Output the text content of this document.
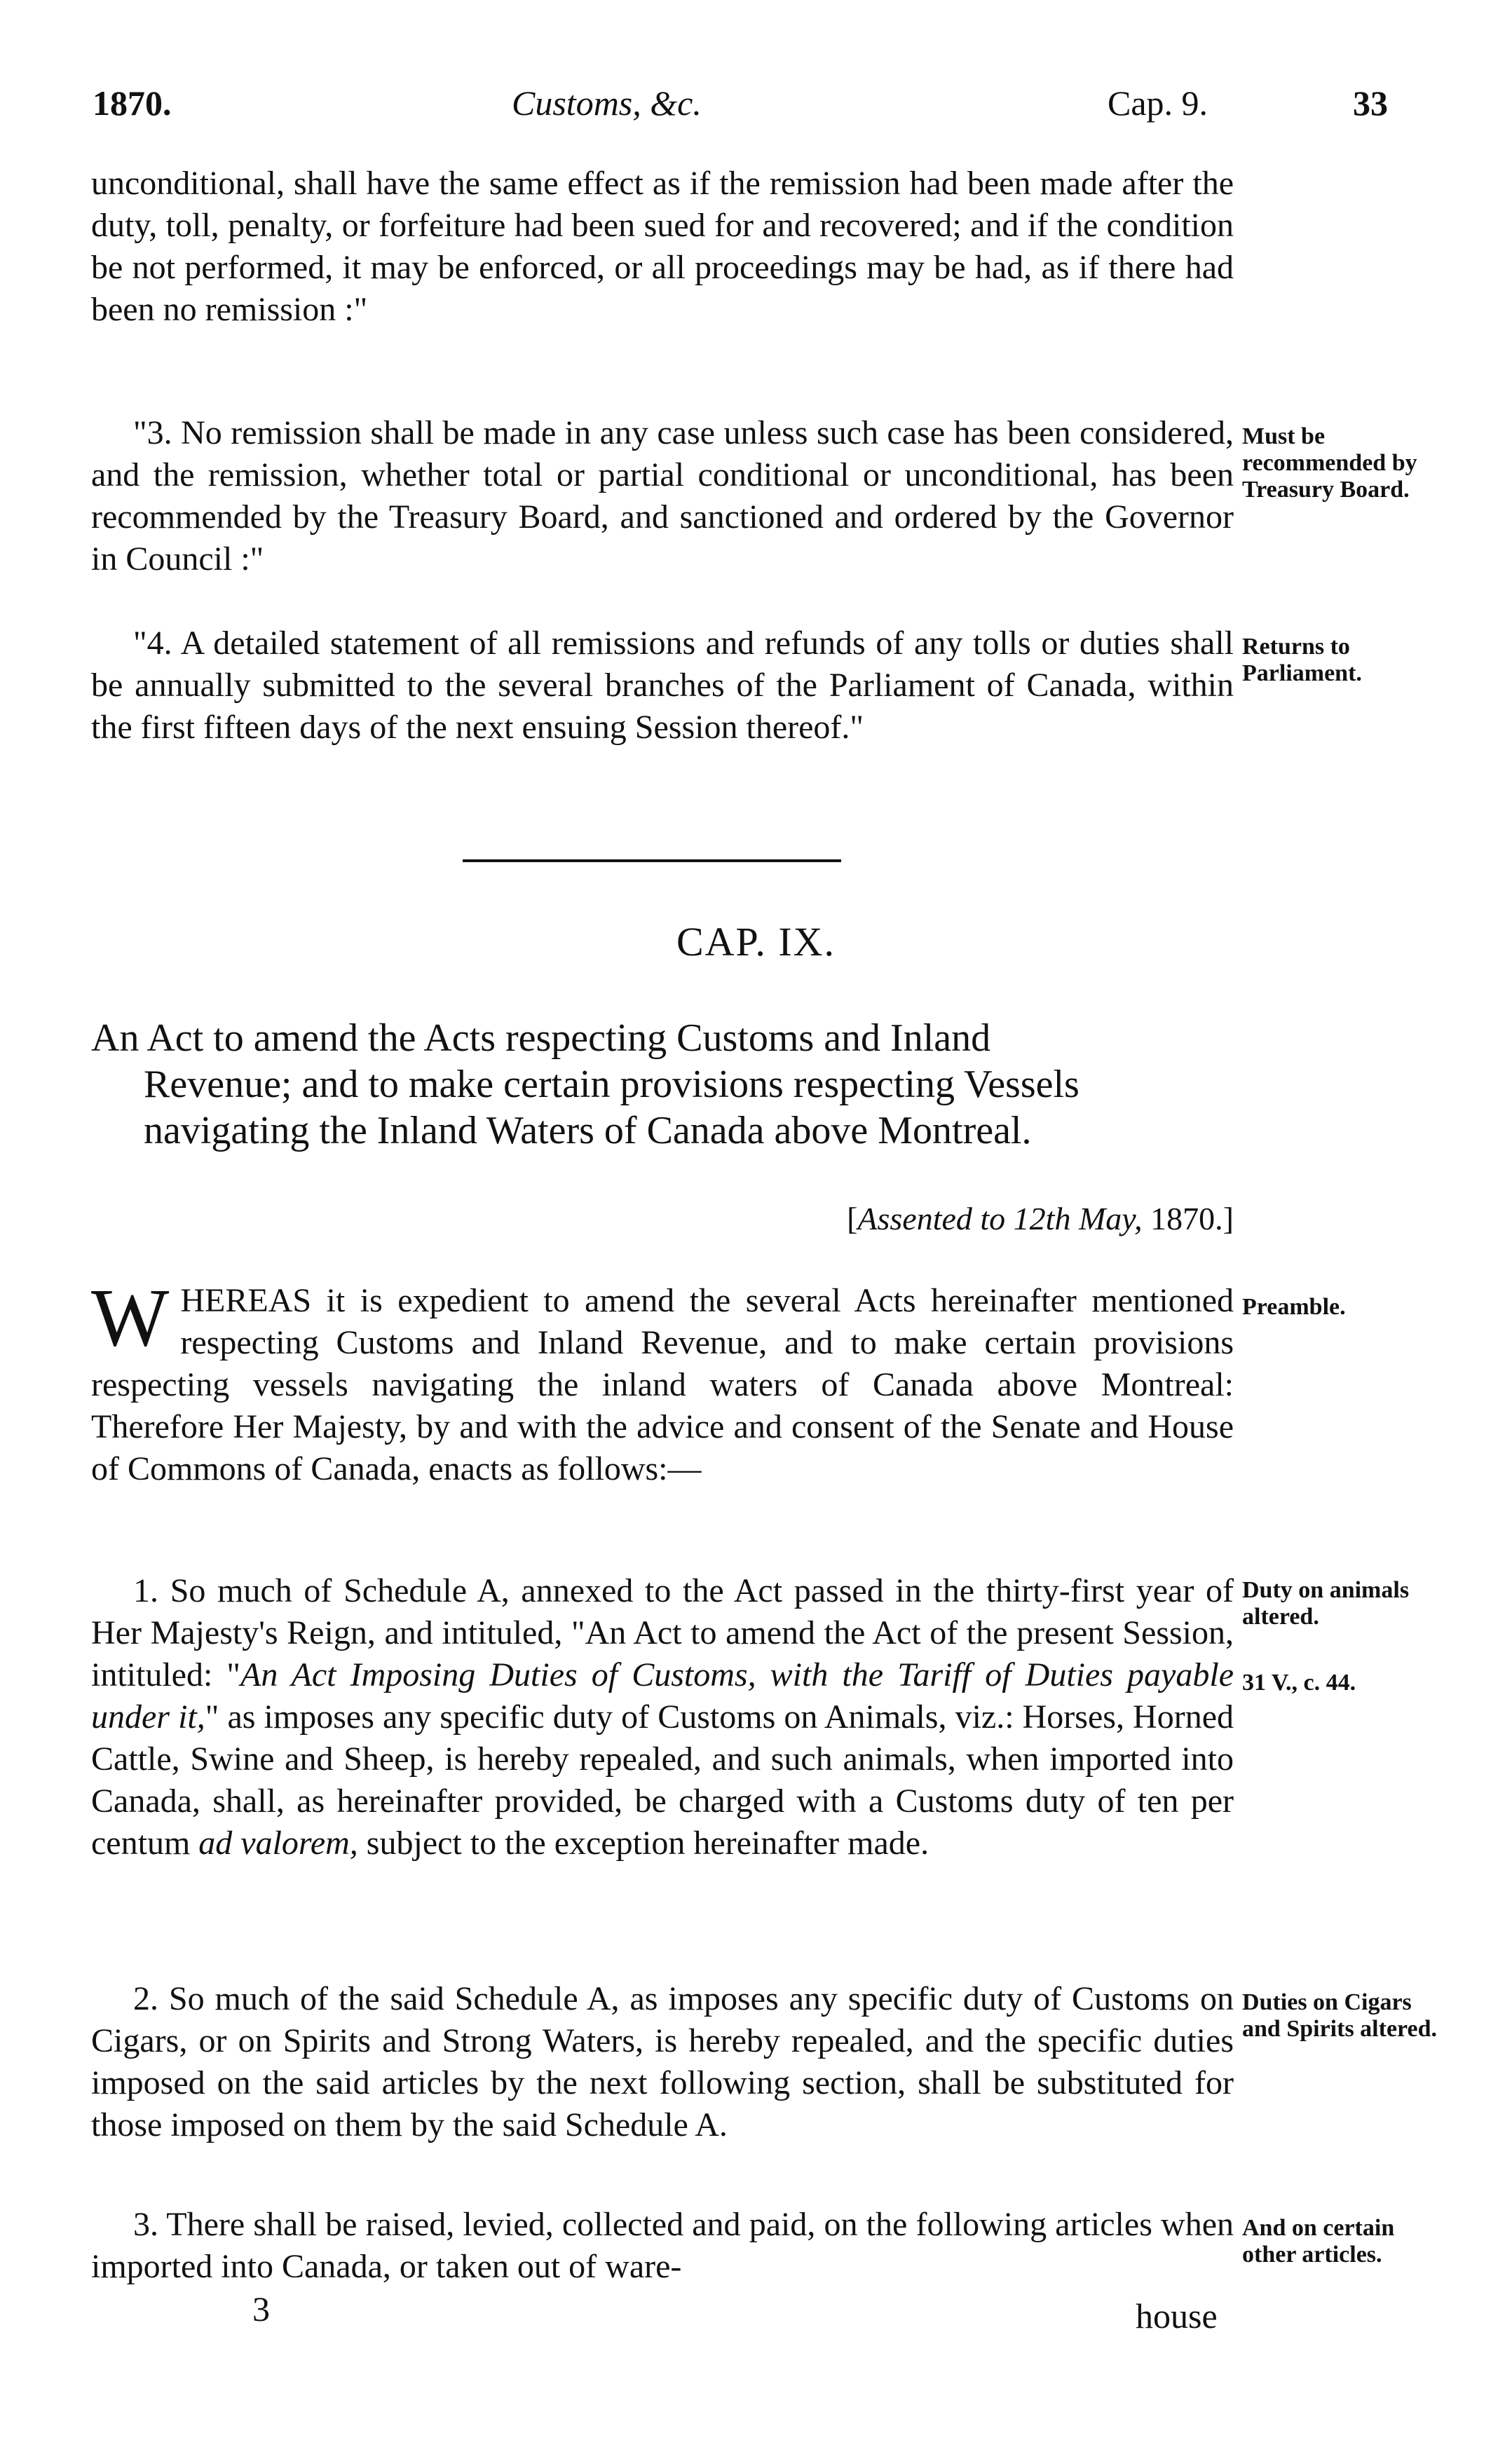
1870.	Customs, &c.	Cap. 9.	33

unconditional, shall have the same effect as if the remission had been made after the duty, toll, penalty, or forfeiture had been sued for and recovered; and if the condition be not performed, it may be enforced, or all proceedings may be had, as if there had been no remission :"

"3. No remission shall be made in any case unless such case has been considered, and the remission, whether total or partial conditional or unconditional, has been recommended by the Treasury Board, and sanctioned and ordered by the Governor in Council :"

Must be recommended by Treasury Board.

"4. A detailed statement of all remissions and refunds of any tolls or duties shall be annually submitted to the several branches of the Parliament of Canada, within the first fifteen days of the next ensuing Session thereof."

Returns to Parliament.
CAP. IX.

An Act to amend the Acts respecting Customs and Inland

Revenue; and to make certain provisions respecting Vessels navigating the Inland Waters of Canada above Montreal.

[Assented to 12th May, 1870.]
WHEREAS it is expedient to amend the several Acts hereinafter mentioned respecting Customs and Inland Revenue, and to make certain provisions respecting vessels navigating the inland waters of Canada above Montreal: Therefore Her Majesty, by and with the advice and consent of the Senate and House of Commons of Canada, enacts as follows:—
Preamble.

1. So much of Schedule A, annexed to the Act passed in the thirty-first year of Her Majesty's Reign, and intituled, "An Act to amend the Act of the present Session, intituled: "An Act Imposing Duties of Customs, with the Tariff of Duties payable under it," as imposes any specific duty of Customs on Animals, viz.: Horses, Horned Cattle, Swine and Sheep, is hereby repealed, and such animals, when imported into Canada, shall, as hereinafter provided, be charged with a Customs duty of ten per centum ad valorem, subject to the exception hereinafter made.

Duty on animals altered.
31 V., c. 44.

2. So much of the said Schedule A, as imposes any specific duty of Customs on Cigars, or on Spirits and Strong Waters, is hereby repealed, and the specific duties imposed on the said articles by the next following section, shall be substituted for those imposed on them by the said Schedule A.

Duties on Cigars and Spirits altered.

3. There shall be raised, levied, collected and paid, on the following articles when imported into Canada, or taken out of ware-

And on certain other articles.
3	house
